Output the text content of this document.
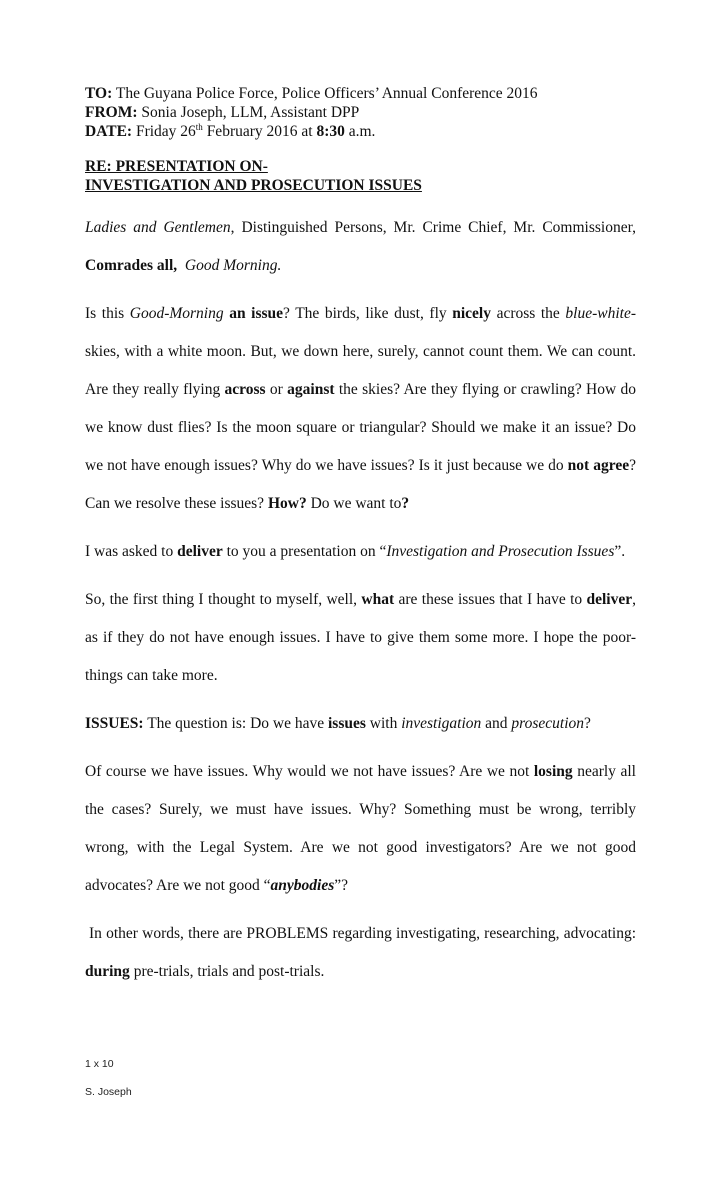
TO: The Guyana Police Force, Police Officers’ Annual Conference 2016

FROM: Sonia Joseph, LLM, Assistant DPP

DATE: Friday 26th February 2016 at 8:30 a.m.

RE: PRESENTATION ON-
INVESTIGATION AND PROSECUTION ISSUES

Ladies and Gentlemen, Distinguished Persons, Mr. Crime Chief, Mr. Commissioner, Comrades all, Good Morning.

Is this Good-Morning an issue? The birds, like dust, fly nicely across the blue-white-skies, with a white moon. But, we down here, surely, cannot count them. We can count. Are they really flying across or against the skies? Are they flying or crawling? How do we know dust flies? Is the moon square or triangular? Should we make it an issue? Do we not have enough issues? Why do we have issues? Is it just because we do not agree? Can we resolve these issues? How? Do we want to?

I was asked to deliver to you a presentation on “Investigation and Prosecution Issues”.

So, the first thing I thought to myself, well, what are these issues that I have to deliver, as if they do not have enough issues. I have to give them some more. I hope the poor-things can take more.

ISSUES: The question is: Do we have issues with investigation and prosecution?

Of course we have issues. Why would we not have issues? Are we not losing nearly all the cases? Surely, we must have issues. Why? Something must be wrong, terribly wrong, with the Legal System. Are we not good investigators? Are we not good advocates? Are we not good “anybodies”?

In other words, there are PROBLEMS regarding investigating, researching, advocating: during pre-trials, trials and post-trials.

1 x 10
S. Joseph
